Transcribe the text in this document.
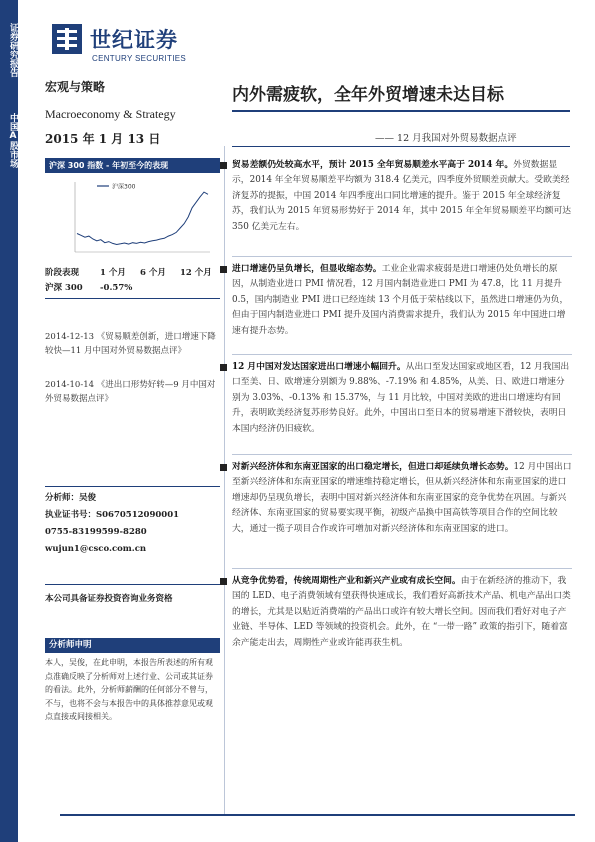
证券研究报告
中国A股市场
世纪证券
CENTURY SECURITIES
宏观与策略
Macroeconomy & Strategy
2015 年 1 月 13 日
内外需疲软，全年外贸增速未达目标
—— 12 月我国对外贸易数据点评
沪深 300 指数 - 年初至今的表现
沪深300
阶段表现	1 个月	6 个月	12 个月
沪深 300	-0.57%
2014-12-13 《贸易顺差创新，进口增速下降较快—11 月中国对外贸易数据点评》
2014-10-14 《进出口形势好转—9 月中国对外贸易数据点评》
分析师：吴俊
执业证书号：S0670512090001
0755-83199599-8280
wujun1@csco.com.cn
本公司具备证券投资咨询业务资格
分析师申明
本人，吴俊，在此申明，本报告所表述的所有观点准确反映了分析师对上述行业、公司或其证券的看法。此外，分析师薪酬的任何部分不曾与，不与，也将不会与本报告中的具体推荐意见或观点直接或间接相关。
贸易差额仍处较高水平，预计 2015 全年贸易顺差水平高于 2014 年。外贸数据显示，2014 年全年贸易顺差平均额为 318.4 亿美元，四季度外贸顺差贡献大。受欧美经济复苏的提振，中国 2014 年四季度出口同比增速的提升。鉴于 2015 年全球经济复苏，我们认为 2015 年贸易形势好于 2014 年，其中 2015 年全年贸易顺差平均额可达 350 亿美元左右。
进口增速仍呈负增长，但显收缩态势。工业企业需求疲弱是进口增速仍处负增长的原因，从制造业进口 PMI 情况看，12 月国内制造业进口 PMI 为 47.8，比 11 月提升 0.5，国内制造业 PMI 进口已经连续 13 个月低于荣枯线以下，虽然进口增速仍为负，但由于国内制造业进口 PMI 提升及国内消费需求提升，我们认为 2015 年中国进口增速有提升态势。
12 月中国对发达国家进出口增速小幅回升。从出口至发达国家或地区看，12 月我国出口至美、日、欧增速分别额为 9.88%、-7.19% 和 4.85%，从美、日、欧进口增速分别为 3.03%、-0.13% 和 15.37%，与 11 月比较，中国对美欧的进出口增速均有回升，表明欧美经济复苏形势良好。此外，中国出口至日本的贸易增速下滑较快，表明日本国内经济仍旧疲软。
对新兴经济体和东南亚国家的出口稳定增长，但进口却延续负增长态势。12 月中国出口至新兴经济体和东南亚国家的增速维持稳定增长，但从新兴经济体和东南亚国家的进口增速却仍呈现负增长，表明中国对新兴经济体和东南亚国家的竞争优势在巩固。与新兴经济体、东南亚国家的贸易要实现平衡，初级产品换中国高铁等项目合作的空间比较大，通过一揽子项目合作或许可增加对新兴经济体和东南亚国家的进口。
从竞争优势看，传统周期性产业和新兴产业或有成长空间。由于在新经济的推动下，我国的 LED、电子消费领域有望获得快速成长，我们看好高新技术产品、机电产品出口类的增长，尤其是以贴近消费端的产品出口或许有较大增长空间。因而我们看好对电子产业链、半导体、LED 等领域的投资机会。此外，在 “一带一路” 政策的指引下，随着富余产能走出去，周期性产业或许能再获生机。
